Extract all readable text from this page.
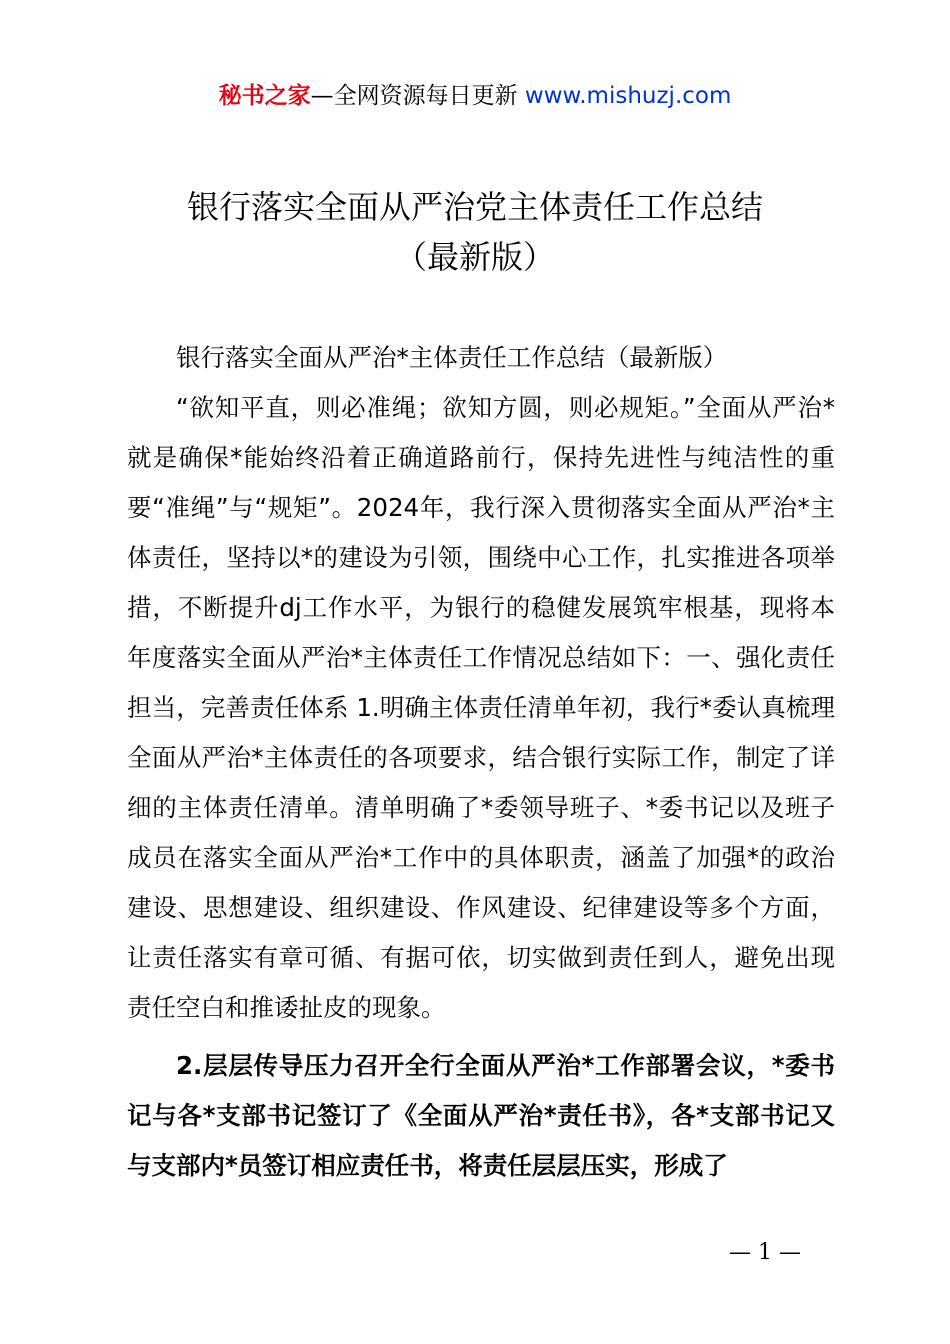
秘书之家—全网资源每日更新 www.mishuzj.com
银行落实全面从严治党主体责任工作总结
（最新版）

银行落实全面从严治*主体责任工作总结（最新版）

“欲知平直，则必准绳；欲知方圆，则必规矩。”全面从严治*就是确保*能始终沿着正确道路前行，保持先进性与纯洁性的重要“准绳”与“规矩”。2024年，我行深入贯彻落实全面从严治*主体责任，坚持以*的建设为引领，围绕中心工作，扎实推进各项举措，不断提升dj工作水平，为银行的稳健发展筑牢根基，现将本年度落实全面从严治*主体责任工作情况总结如下：一、强化责任担当，完善责任体系 1.明确主体责任清单年初，我行*委认真梳理全面从严治*主体责任的各项要求，结合银行实际工作，制定了详细的主体责任清单。清单明确了*委领导班子、*委书记以及班子成员在落实全面从严治*工作中的具体职责，涵盖了加强*的政治建设、思想建设、组织建设、作风建设、纪律建设等多个方面，让责任落实有章可循、有据可依，切实做到责任到人，避免出现责任空白和推诿扯皮的现象。

2.层层传导压力召开全行全面从严治*工作部署会议，*委书记与各*支部书记签订了《全面从严治*责任书》，各*支部书记又与支部内*员签订相应责任书，将责任层层压实，形成了

— 1 —
